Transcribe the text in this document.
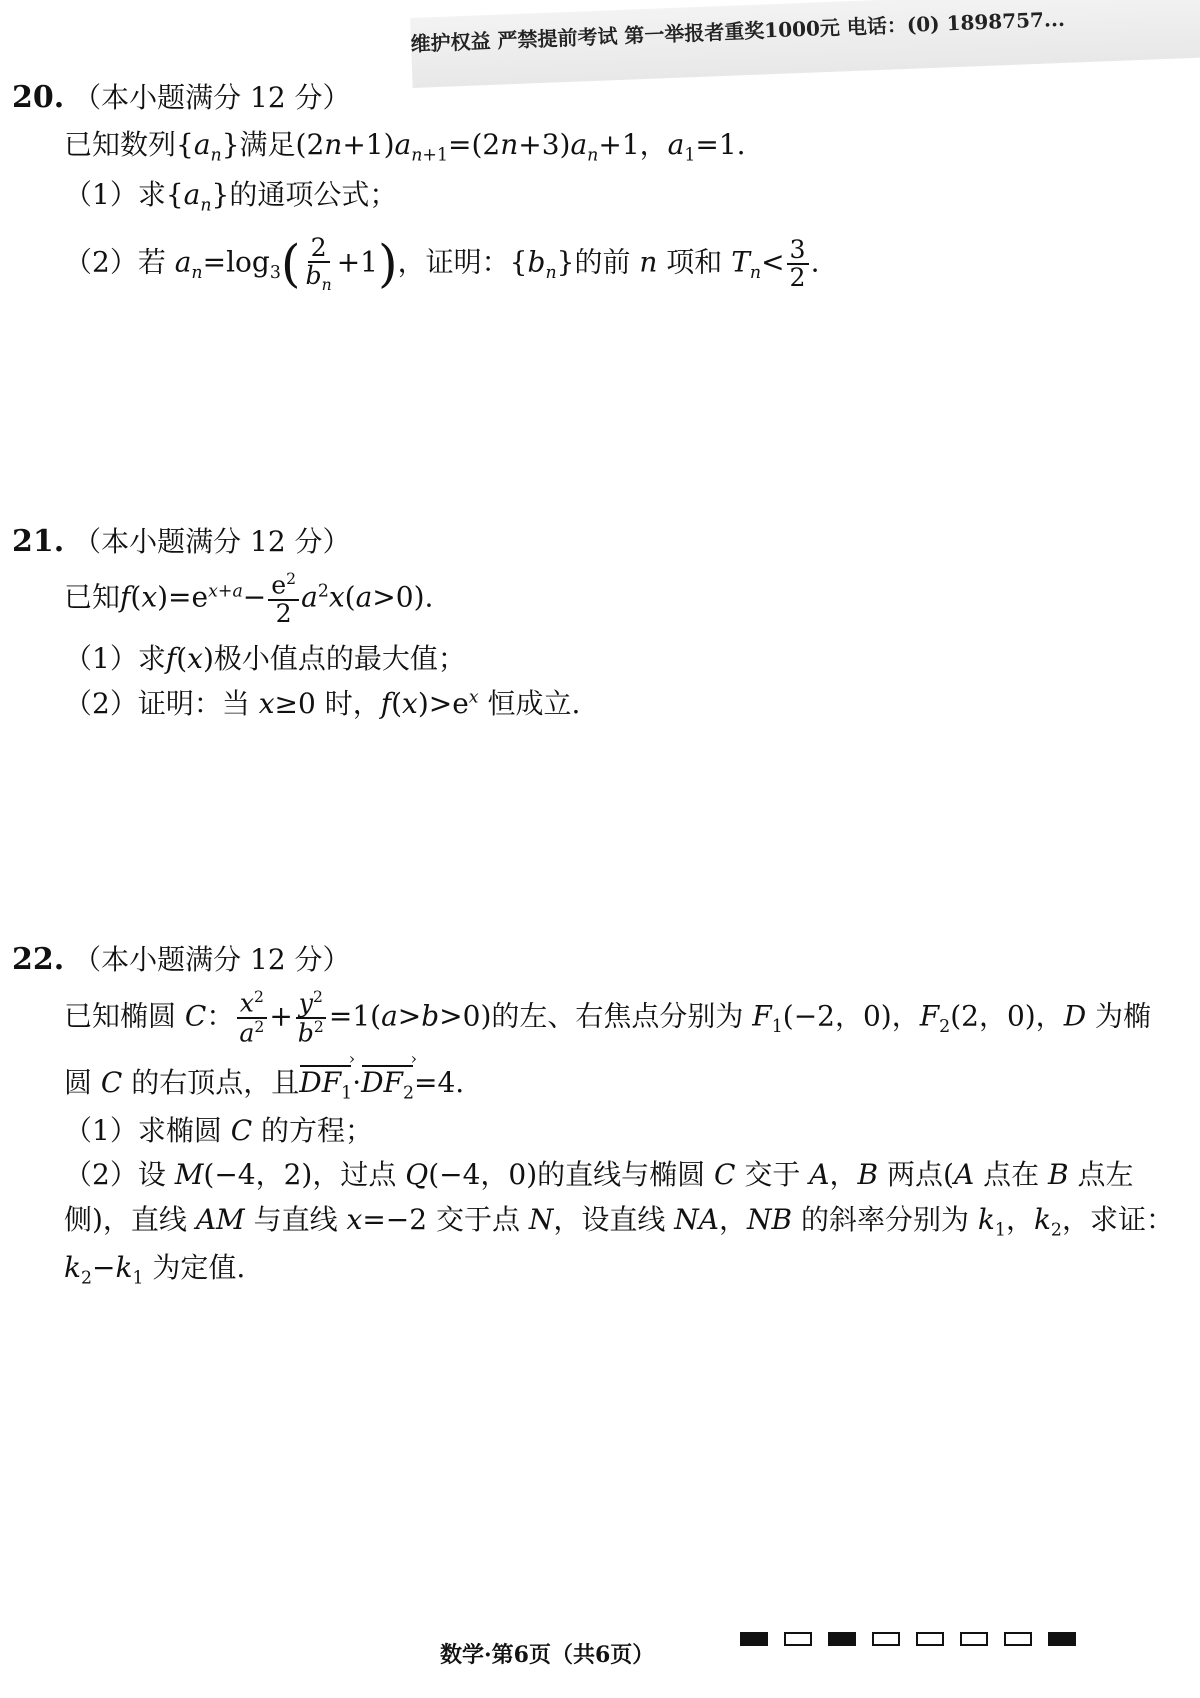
维护权益 严禁提前考试 第一举报者重奖1000元 电话：(0) 1898757...
20. （本小题满分 12 分）
已知数列$\{a_n\}$满足$(2n+1)a_{n+1}=(2n+3)a_n+1$，$a_1=1$.
（1）求$\{a_n\}$的通项公式；
（2）若 $a_n=\log_3( \frac{2}{b_n} +1)$，证明：$\{b_n\}$的前 n 项和 $T_n< \frac{3}{2}$ .
21. （本小题满分 12 分）
已知$f(x)=e^{x+a}- \frac{e^2}{2} a^2x(a>0)$.
（1）求f(x)极小值点的最大值；
（2）证明：当 x≥0 时，$f(x)>e^x$ 恒成立.
22. （本小题满分 12 分）
已知椭圆 C： $\frac{x^2}{a^2} + \frac{y^2}{b^2} =1(a>b>0)$的左、右焦点分别为 $F_1(-2$，0)，$F_2(2$，0)，D 为椭
圆 C 的右顶点，且$DF_1$ $›\cdot DF_2$ ›=4.
（1）求椭圆 C 的方程；
（2）设 M(−4，2)，过点 Q(−4，0)的直线与椭圆 C 交于 A，B 两点(A 点在 B 点左
侧)，直线 AM 与直线 x=−2 交于点 N，设直线 NA，NB 的斜率分别为 $k_1$，$k_2$，求证：
$k_2-k_1$ 为定值.
数学·第6页（共6页）
